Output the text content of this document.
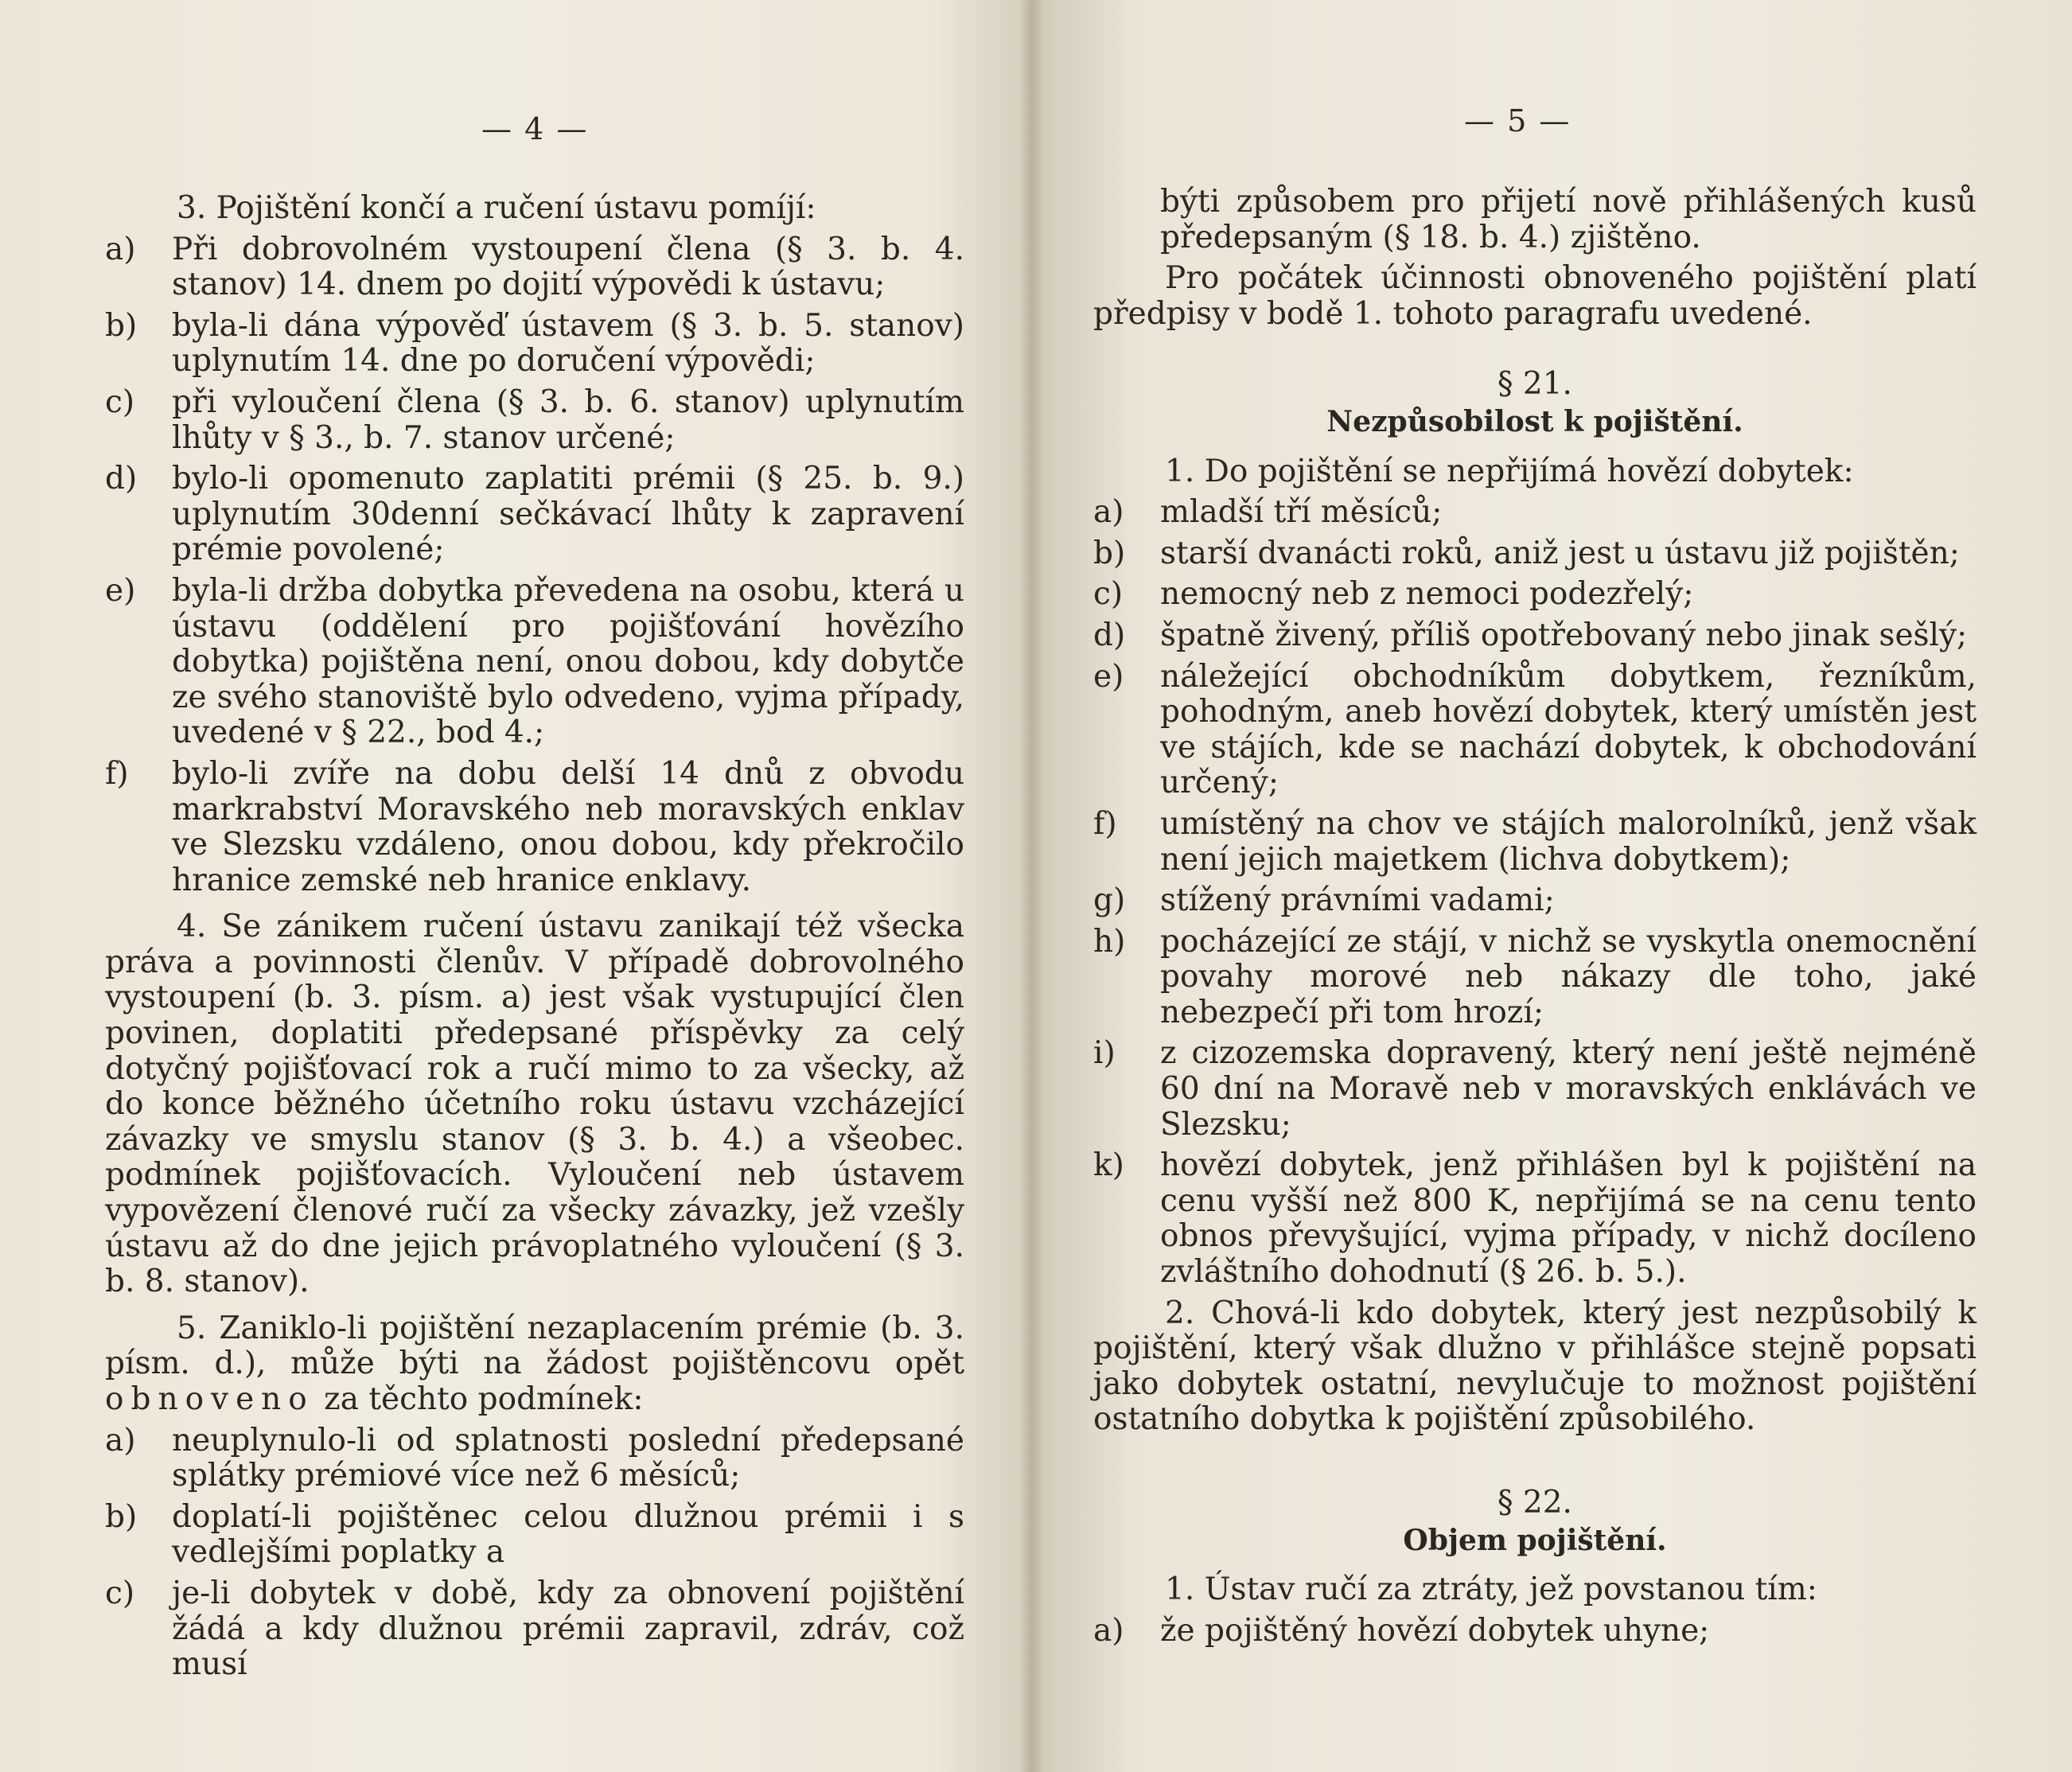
— 4 —

3. Pojištění končí a ručení ústavu pomíjí:

a) Při dobrovolném vystoupení člena (§ 3. b. 4. stanov) 14. dnem po dojití výpovědi k ústavu;
b) byla-li dána výpověď ústavem (§ 3. b. 5. stanov) uplynutím 14. dne po doručení výpovědi;
c) při vyloučení člena (§ 3. b. 6. stanov) uplynutím lhůty v § 3., b. 7. stanov určené;
d) bylo-li opomenuto zaplatiti prémii (§ 25. b. 9.) uplynutím 30denní sečkávací lhůty k zapravení prémie povolené;
e) byla-li držba dobytka převedena na osobu, která u ústavu (oddělení pro pojišťování hovězího dobytka) pojištěna není, onou dobou, kdy dobytče ze svého stanoviště bylo odvedeno, vyjma případy, uvedené v § 22., bod 4.;
f) bylo-li zvíře na dobu delší 14 dnů z obvodu markrabství Moravského neb moravských enklav ve Slezsku vzdáleno, onou dobou, kdy překročilo hranice zemské neb hranice enklavy.

4. Se zánikem ručení ústavu zanikají též všecka práva a povinnosti členův. V případě dobrovolného vystoupení (b. 3. písm. a) jest však vystupující člen povinen, doplatiti předepsané příspěvky za celý dotyčný pojišťovací rok a ručí mimo to za všecky, až do konce běžného účetního roku ústavu vzcházející závazky ve smyslu stanov (§ 3. b. 4.) a všeobec. podmínek pojišťovacích. Vyloučení neb ústavem vypovězení členové ručí za všecky závazky, jež vzešly ústavu až do dne jejich právoplatného vyloučení (§ 3. b. 8. stanov).

5. Zaniklo-li pojištění nezaplacením prémie (b. 3. písm. d.), může býti na žádost pojištěncovu opět obnoveno za těchto podmínek:

a) neuplynulo-li od splatnosti poslední předepsané splátky prémiové více než 6 měsíců;
b) doplatí-li pojištěnec celou dlužnou prémii i s vedlejšími poplatky a
c) je-li dobytek v době, kdy za obnovení pojištění žádá a kdy dlužnou prémii zapravil, zdráv, což musí
— 5 —

býti způsobem pro přijetí nově přihlášených kusů předepsaným (§ 18. b. 4.) zjištěno.

Pro počátek účinnosti obnoveného pojištění platí předpisy v bodě 1. tohoto paragrafu uvedené.

§ 21.
Nezpůsobilost k pojištění.

1. Do pojištění se nepřijímá hovězí dobytek:

a) mladší tří měsíců;
b) starší dvanácti roků, aniž jest u ústavu již pojištěn;
c) nemocný neb z nemoci podezřelý;
d) špatně živený, příliš opotřebovaný nebo jinak sešlý;
e) náležející obchodníkům dobytkem, řezníkům, pohodným, aneb hovězí dobytek, který umístěn jest ve stájích, kde se nachází dobytek, k obchodování určený;
f) umístěný na chov ve stájích malorolníků, jenž však není jejich majetkem (lichva dobytkem);
g) stížený právními vadami;
h) pocházející ze stájí, v nichž se vyskytla onemocnění povahy morové neb nákazy dle toho, jaké nebezpečí při tom hrozí;
i) z cizozemska dopravený, který není ještě nejméně 60 dní na Moravě neb v moravských enklávách ve Slezsku;
k) hovězí dobytek, jenž přihlášen byl k pojištění na cenu vyšší než 800 K, nepřijímá se na cenu tento obnos převyšující, vyjma případy, v nichž docíleno zvláštního dohodnutí (§ 26. b. 5.).

2. Chová-li kdo dobytek, který jest nezpůsobilý k pojištění, který však dlužno v přihlášce stejně popsati jako dobytek ostatní, nevylučuje to možnost pojištění ostatního dobytka k pojištění způsobilého.

§ 22.
Objem pojištění.

1. Ústav ručí za ztráty, jež povstanou tím:

a) že pojištěný hovězí dobytek uhyne;
